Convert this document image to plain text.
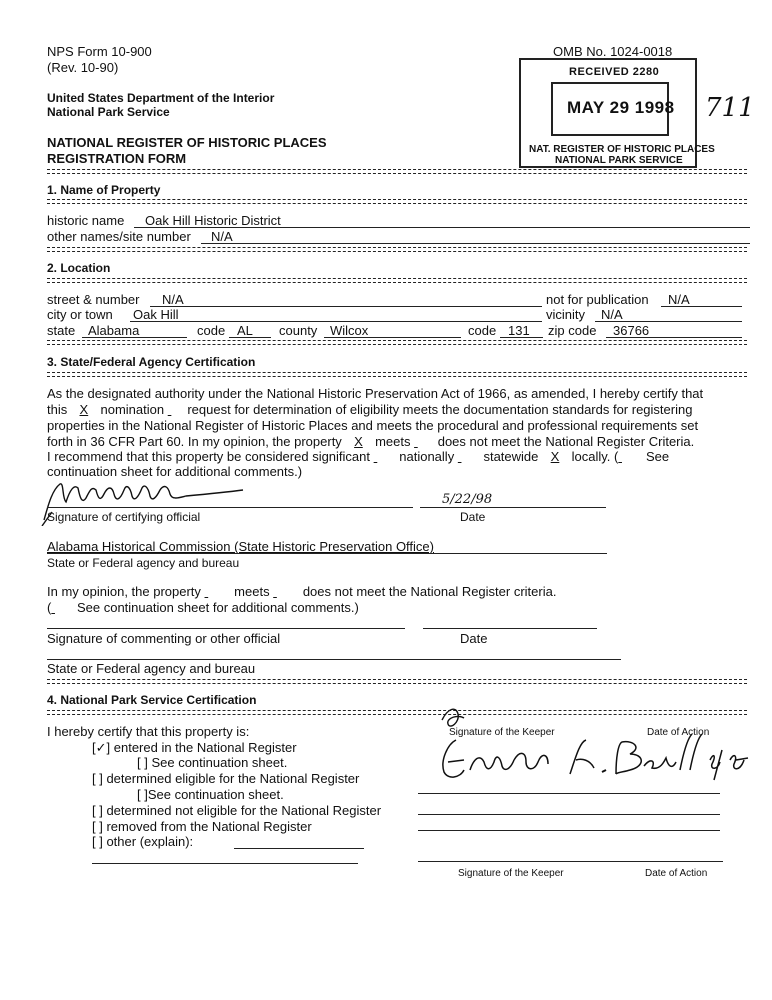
NPS Form 10-900
(Rev. 10-90)
OMB No. 1024-0018
United States Department of the Interior
National Park Service
NATIONAL REGISTER OF HISTORIC PLACES
REGISTRATION FORM
RECEIVED 2280
MAY 29 1998
NAT. REGISTER OF HISTORIC PLACES
NATIONAL PARK SERVICE
711
1. Name of Property
historic name Oak Hill Historic District
other names/site number N/A
2. Location
street & number N/A	not for publication N/A
city or town Oak Hill	vicinity N/A
state Alabama	code AL county Wilcox	code 131 zip code 36766
3. State/Federal Agency Certification
As the designated authority under the National Historic Preservation Act of 1966, as amended, I hereby certify that
this X nomination request for determination of eligibility meets the documentation standards for registering
properties in the National Register of Historic Places and meets the procedural and professional requirements set
forth in 36 CFR Part 60. In my opinion, the property X meets does not meet the National Register Criteria.
I recommend that this property be considered significant nationally statewide X locally. ( See
continuation sheet for additional comments.)
5/22/98
Signature of certifying official	Date
Alabama Historical Commission (State Historic Preservation Office)
State or Federal agency and bureau
In my opinion, the property	meets	does not meet the National Register criteria.
( See continuation sheet for additional comments.)
Signature of commenting or other official	Date
State or Federal agency and bureau
4. National Park Service Certification
I hereby certify that this property is:
[✓] entered in the National Register
[ ] See continuation sheet.
[ ] determined eligible for the National Register
[ ]See continuation sheet.
[ ] determined not eligible for the National Register
[ ] removed from the National Register
[ ] other (explain):
Signature of the Keeper	Date of Action
Signature of the Keeper	Date of Action
